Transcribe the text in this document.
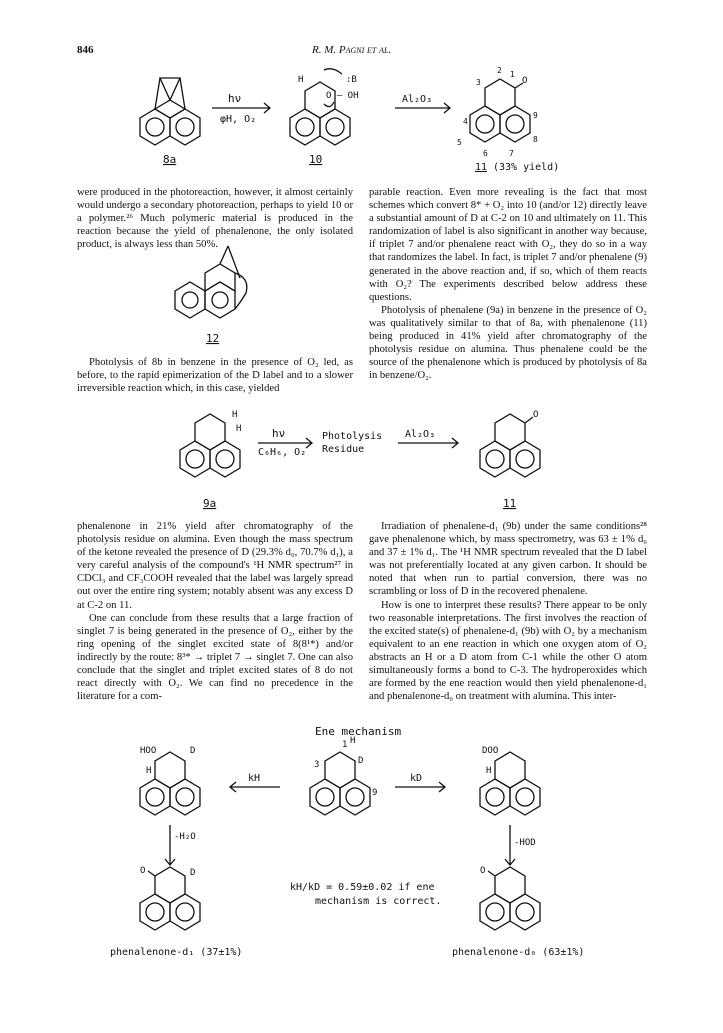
846	R. M. Pagni et al.
8a
hν
φH, O₂
H	:B
O — OH
10
Al₂O₃
O
2 1
3
4
5
6	7
8
9
11 (33% yield)

were produced in the photoreaction, however, it almost certainly would undergo a secondary photoreaction, perhaps to yield 10 or a polymer.²⁶ Much polymeric material is produced in the reaction because the yield of phenalenone, the only isolated product, is always less than 50%.

12

Photolysis of 8b in benzene in the presence of O₂ led, as before, to the rapid epimerization of the D label and to a slower irreversible reaction which, in this case, yielded

parable reaction. Even more revealing is the fact that most schemes which convert 8* + O₂ into 10 (and/or 12) directly leave a substantial amount of D at C-2 on 10 and ultimately on 11. This randomization of label is also significant in another way because, if triplet 7 and/or phenalene react with O₂, they do so in a way that randomizes the label. In fact, is triplet 7 and/or phenalene (9) generated in the above reaction and, if so, which of them reacts with O₂? The experiments described below address these questions.

Photolysis of phenalene (9a) in benzene in the presence of O₂ was qualitatively similar to that of 8a, with phenalenone (11) being produced in 41% yield after chromatography of the photolysis residue on alumina. Thus phenalene could be the source of the phenalenone which is produced by photolysis of 8a in benzene/O₂.

H
H
9a
hν
C₆H₆, O₂
Photolysis
Residue
Al₂O₃
O
11

phenalenone in 21% yield after chromatography of the photolysis residue on alumina. Even though the mass spectrum of the ketone revealed the presence of D (29.3% d₀, 70.7% d₁), a very careful analysis of the compound's ¹H NMR spectrum²⁷ in CDCl₃ and CF₃COOH revealed that the label was largely spread out over the entire ring system; notably absent was any excess D at C-2 on 11.

One can conclude from these results that a large fraction of singlet 7 is being generated in the presence of O₂, either by the ring opening of the singlet excited state of 8(8¹*) and/or indirectly by the route: 8³* → triplet 7 → singlet 7. One can also conclude that the singlet and triplet excited states of 8 do not react directly with O₂. We can find no precedence in the literature for a com-

Irradiation of phenalene-d₁ (9b) under the same conditions²⁸ gave phenalenone which, by mass spectrometry, was 63 ± 1% d₀ and 37 ± 1% d₁. The ¹H NMR spectrum revealed that the D label was not preferentially located at any given carbon. It should be noted that when run to partial conversion, there was no scrambling or loss of D in the recovered phenalene.

How is one to interpret these results? There appear to be only two reasonable interpretations. The first involves the reaction of the excited state(s) of phenalene-d₁ (9b) with O₂ by a mechanism equivalent to an ene reaction in which one oxygen atom of O₂ abstracts an H or a D atom from C-1 while the other O atom simultaneously forms a bond to C-3. The hydroperoxides which are formed by the ene reaction would then yield phenalenone-d₁ and phenalenone-d₀ on treatment with alumina. This inter-

Ene mechanism
HOO
H
D
kH
1 H
D
3
9
kD
DOO
H
-H₂O
-HOD
O	D
phenalenone-d₁ (37±1%)
O
phenalenone-d₀ (63±1%)
kH/kD = 0.59±0.02 if ene
mechanism is correct.
